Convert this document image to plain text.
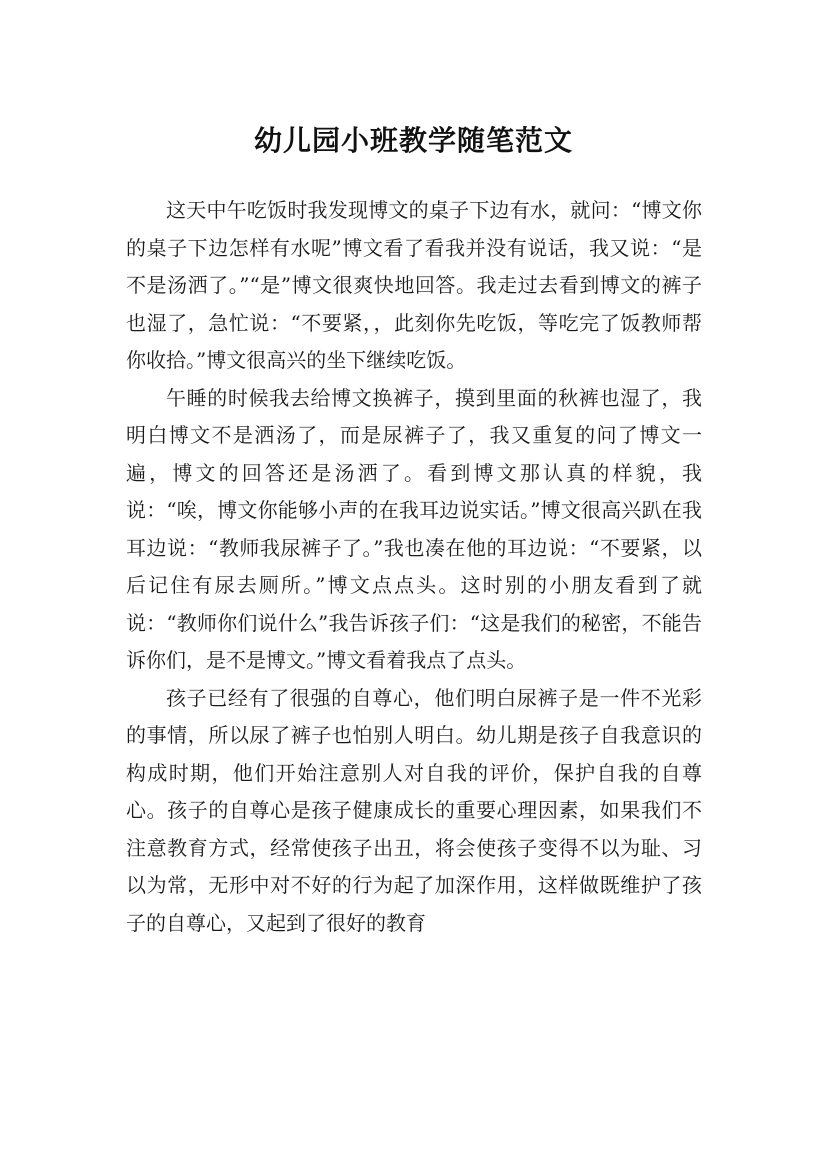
幼儿园小班教学随笔范文

这天中午吃饭时我发现博文的桌子下边有水，就问：“博文你的桌子下边怎样有水呢”博文看了看我并没有说话，我又说：“是不是汤洒了。”“是”博文很爽快地回答。我走过去看到博文的裤子也湿了，急忙说：“不要紧，，此刻你先吃饭，等吃完了饭教师帮你收拾。”博文很高兴的坐下继续吃饭。

午睡的时候我去给博文换裤子，摸到里面的秋裤也湿了，我明白博文不是洒汤了，而是尿裤子了，我又重复的问了博文一遍，博文的回答还是汤洒了。看到博文那认真的样貌，我说：“唉，博文你能够小声的在我耳边说实话。”博文很高兴趴在我耳边说：“教师我尿裤子了。”我也凑在他的耳边说：“不要紧，以后记住有尿去厕所。”博文点点头。这时别的小朋友看到了就说：“教师你们说什么”我告诉孩子们：“这是我们的秘密，不能告诉你们，是不是博文。”博文看着我点了点头。

孩子已经有了很强的自尊心，他们明白尿裤子是一件不光彩的事情，所以尿了裤子也怕别人明白。幼儿期是孩子自我意识的构成时期，他们开始注意别人对自我的评价，保护自我的自尊心。孩子的自尊心是孩子健康成长的重要心理因素，如果我们不注意教育方式，经常使孩子出丑，将会使孩子变得不以为耻、习以为常，无形中对不好的行为起了加深作用，这样做既维护了孩子的自尊心，又起到了很好的教育
